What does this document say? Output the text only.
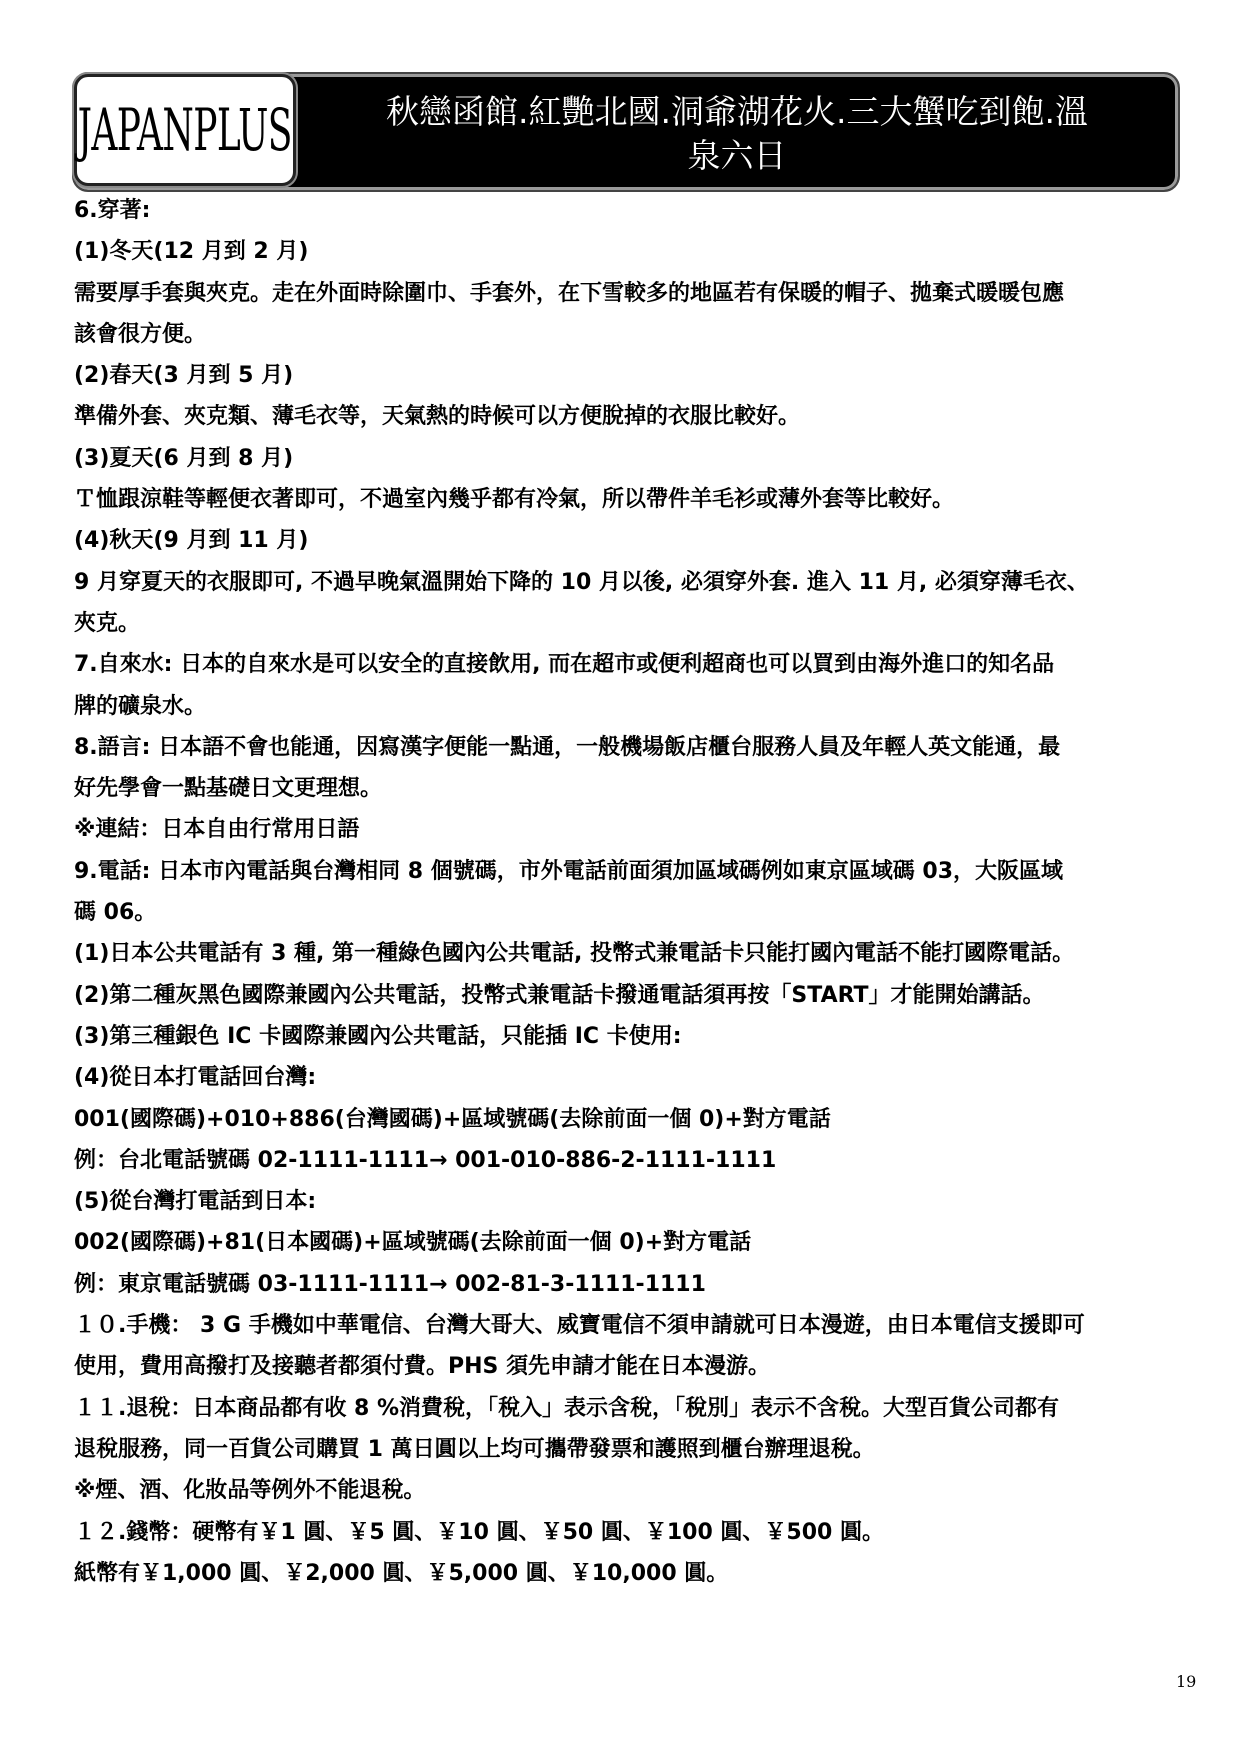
JAPANPLUS	秋戀函館.紅艷北國.洞爺湖花火.三大蟹吃到飽.溫
泉六日
6.穿著:
(1)冬天(12 月到 2 月)
需要厚手套與夾克。走在外面時除圍巾、手套外，在下雪較多的地區若有保暖的帽子、拋棄式暖暖包應
該會很方便。
(2)春天(3 月到 5 月)
準備外套、夾克類、薄毛衣等，天氣熱的時候可以方便脫掉的衣服比較好。
(3)夏天(6 月到 8 月)
Ｔ恤跟涼鞋等輕便衣著即可，不過室內幾乎都有冷氣，所以帶件羊毛衫或薄外套等比較好。
(4)秋天(9 月到 11 月)
9 月穿夏天的衣服即可, 不過早晚氣溫開始下降的 10 月以後, 必須穿外套. 進入 11 月, 必須穿薄毛衣、
夾克。
7.自來水: 日本的自來水是可以安全的直接飲用, 而在超市或便利超商也可以買到由海外進口的知名品
牌的礦泉水。
8.語言: 日本語不會也能通，因寫漢字便能一點通，一般機場飯店櫃台服務人員及年輕人英文能通，最
好先學會一點基礎日文更理想。
※連結：日本自由行常用日語
9.電話: 日本市內電話與台灣相同 8 個號碼，市外電話前面須加區域碼例如東京區域碼 03，大阪區域
碼 06。
(1)日本公共電話有 3 種, 第一種綠色國內公共電話, 投幣式兼電話卡只能打國內電話不能打國際電話。
(2)第二種灰黑色國際兼國內公共電話，投幣式兼電話卡撥通電話須再按「START」才能開始講話。
(3)第三種銀色 IC 卡國際兼國內公共電話，只能插 IC 卡使用:
(4)從日本打電話回台灣:
001(國際碼)+010+886(台灣國碼)+區域號碼(去除前面一個 0)+對方電話
例：台北電話號碼 02-1111-1111→ 001-010-886-2-1111-1111
(5)從台灣打電話到日本:
002(國際碼)+81(日本國碼)+區域號碼(去除前面一個 0)+對方電話
例：東京電話號碼 03-1111-1111→ 002-81-3-1111-1111
１０.手機： 3 G 手機如中華電信、台灣大哥大、威寶電信不須申請就可日本漫遊，由日本電信支援即可
使用，費用高撥打及接聽者都須付費。PHS 須先申請才能在日本漫游。
１１.退稅：日本商品都有收 8 %消費稅，「稅入」表示含稅，「稅別」表示不含稅。大型百貨公司都有
退稅服務，同一百貨公司購買 1 萬日圓以上均可攜帶發票和護照到櫃台辦理退稅。
※煙、酒、化妝品等例外不能退稅。
１２.錢幣：硬幣有￥1 圓、￥5 圓、￥10 圓、￥50 圓、￥100 圓、￥500 圓。
紙幣有￥1,000 圓、￥2,000 圓、￥5,000 圓、￥10,000 圓。
19
